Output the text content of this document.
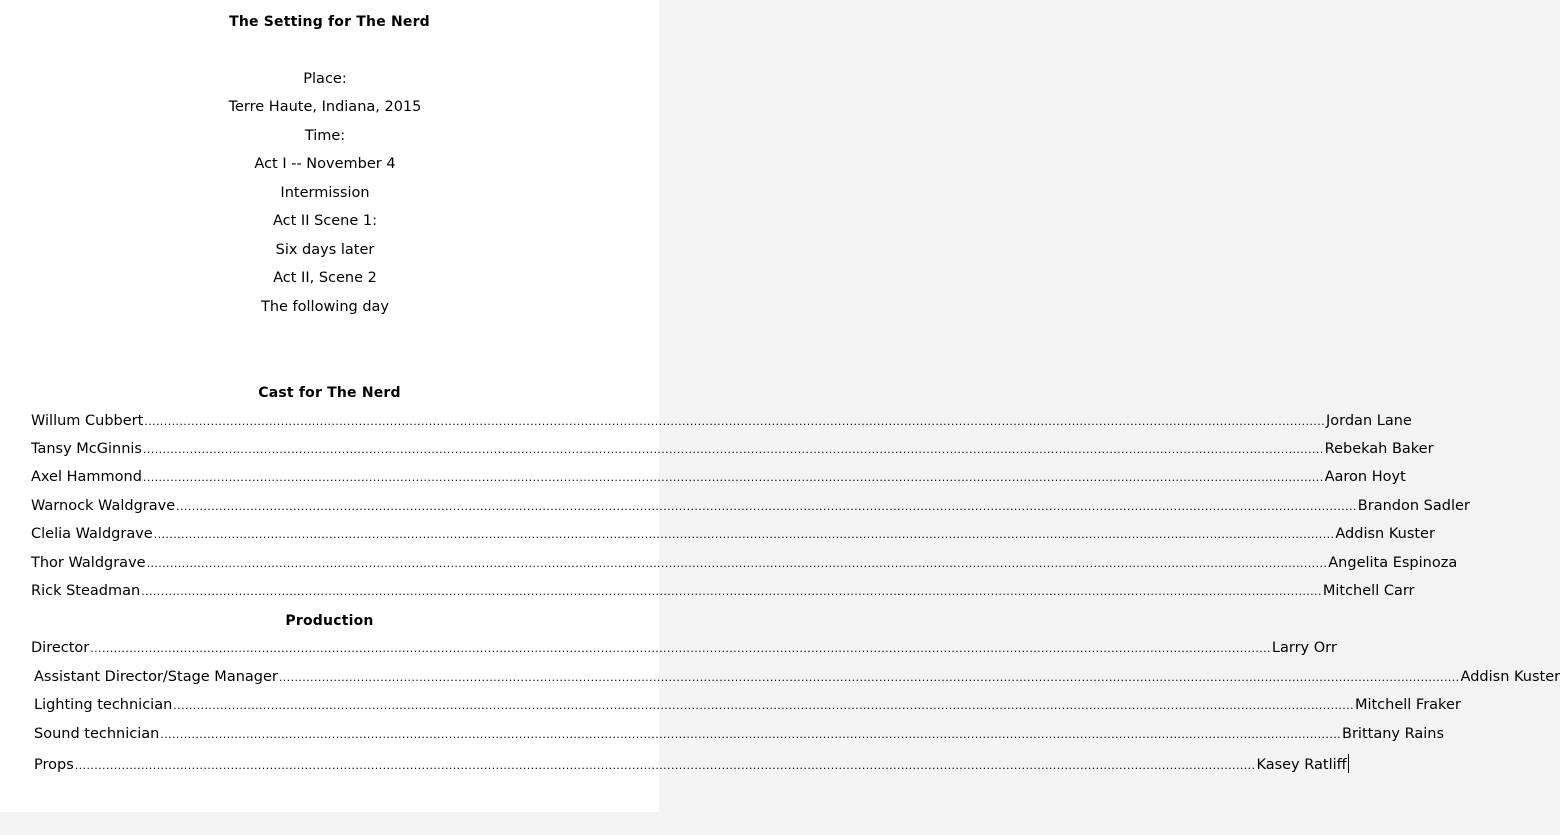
The Setting for The Nerd
Place:
Terre Haute, Indiana, 2015
Time:
Act I -- November 4
Intermission
Act II Scene 1:
Six days later
Act II, Scene 2
The following day
Cast for The Nerd
Willum Cubbert ............................................................................................................................................................................................................................................................................................................... Jordan Lane
Tansy McGinnis ............................................................................................................................................................................................................................................................................................................... Rebekah Baker
Axel Hammond ............................................................................................................................................................................................................................................................................................................... Aaron Hoyt
Warnock Waldgrave ............................................................................................................................................................................................................................................................................................................... Brandon Sadler
Clelia Waldgrave ............................................................................................................................................................................................................................................................................................................... Addisn Kuster
Thor Waldgrave ............................................................................................................................................................................................................................................................................................................... Angelita Espinoza
Rick Steadman ............................................................................................................................................................................................................................................................................................................... Mitchell Carr
Production
Director ............................................................................................................................................................................................................................................................................................................... Larry Orr
Assistant Director/Stage Manager ............................................................................................................................................................................................................................................................................................................... Addisn Kuster
Lighting technician ............................................................................................................................................................................................................................................................................................................... Mitchell Fraker
Sound technician ............................................................................................................................................................................................................................................................................................................... Brittany Rains
Props ............................................................................................................................................................................................................................................................................................................... Kasey Ratliff
